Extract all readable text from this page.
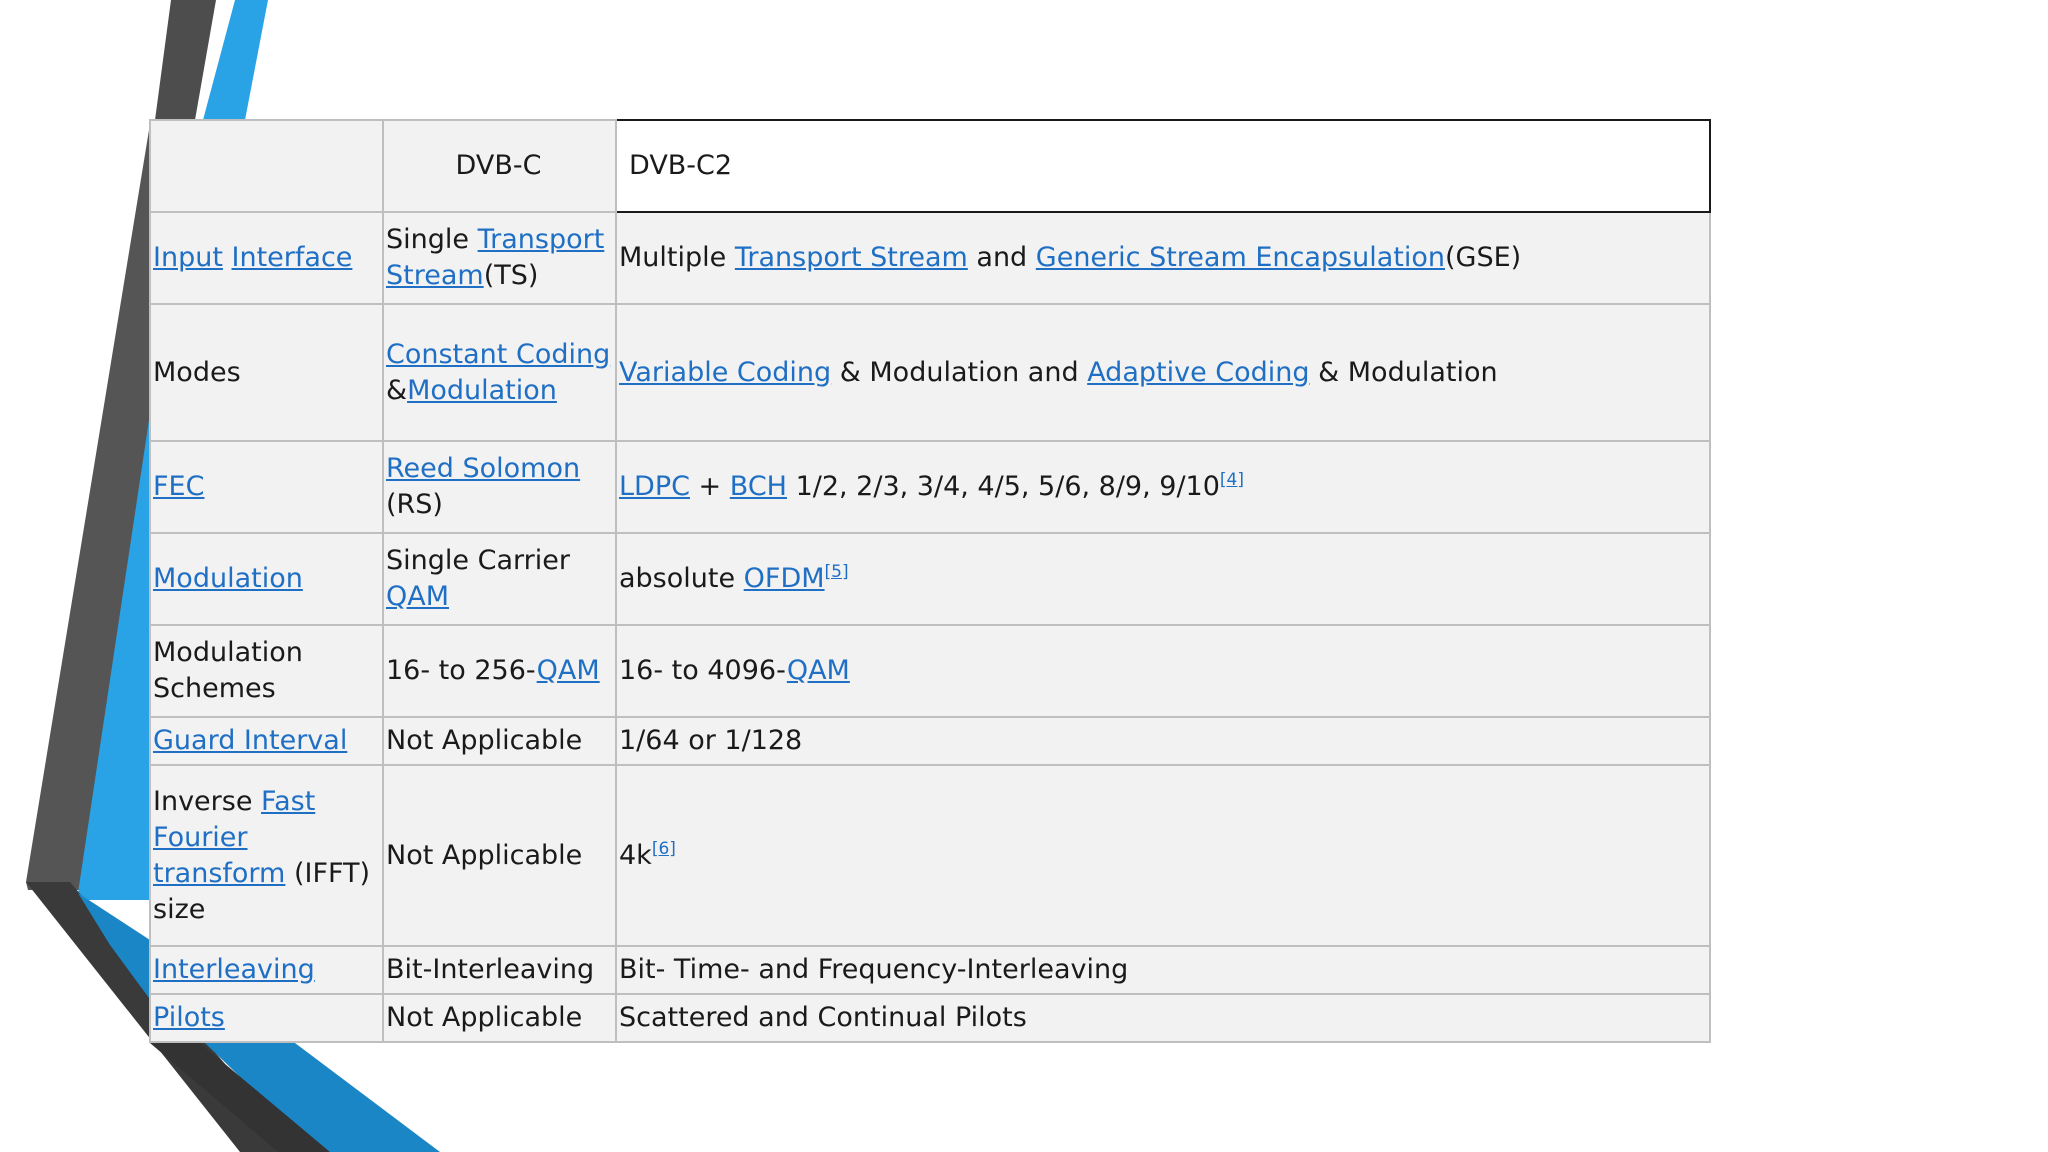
	DVB-C	DVB-C2
Input Interface	Single Transport Stream(TS)	Multiple Transport Stream and Generic Stream Encapsulation(GSE)
Modes	Constant Coding &Modulation	Variable Coding & Modulation and Adaptive Coding & Modulation
FEC	Reed Solomon (RS)	LDPC + BCH 1/2, 2/3, 3/4, 4/5, 5/6, 8/9, 9/10[4]
Modulation	Single Carrier QAM	absolute OFDM[5]
Modulation Schemes	16- to 256-QAM	16- to 4096-QAM
Guard Interval	Not Applicable	1/64 or 1/128
Inverse Fast Fourier transform (IFFT) size	Not Applicable	4k[6]
Interleaving	Bit-Interleaving	Bit- Time- and Frequency-Interleaving
Pilots	Not Applicable	Scattered and Continual Pilots
